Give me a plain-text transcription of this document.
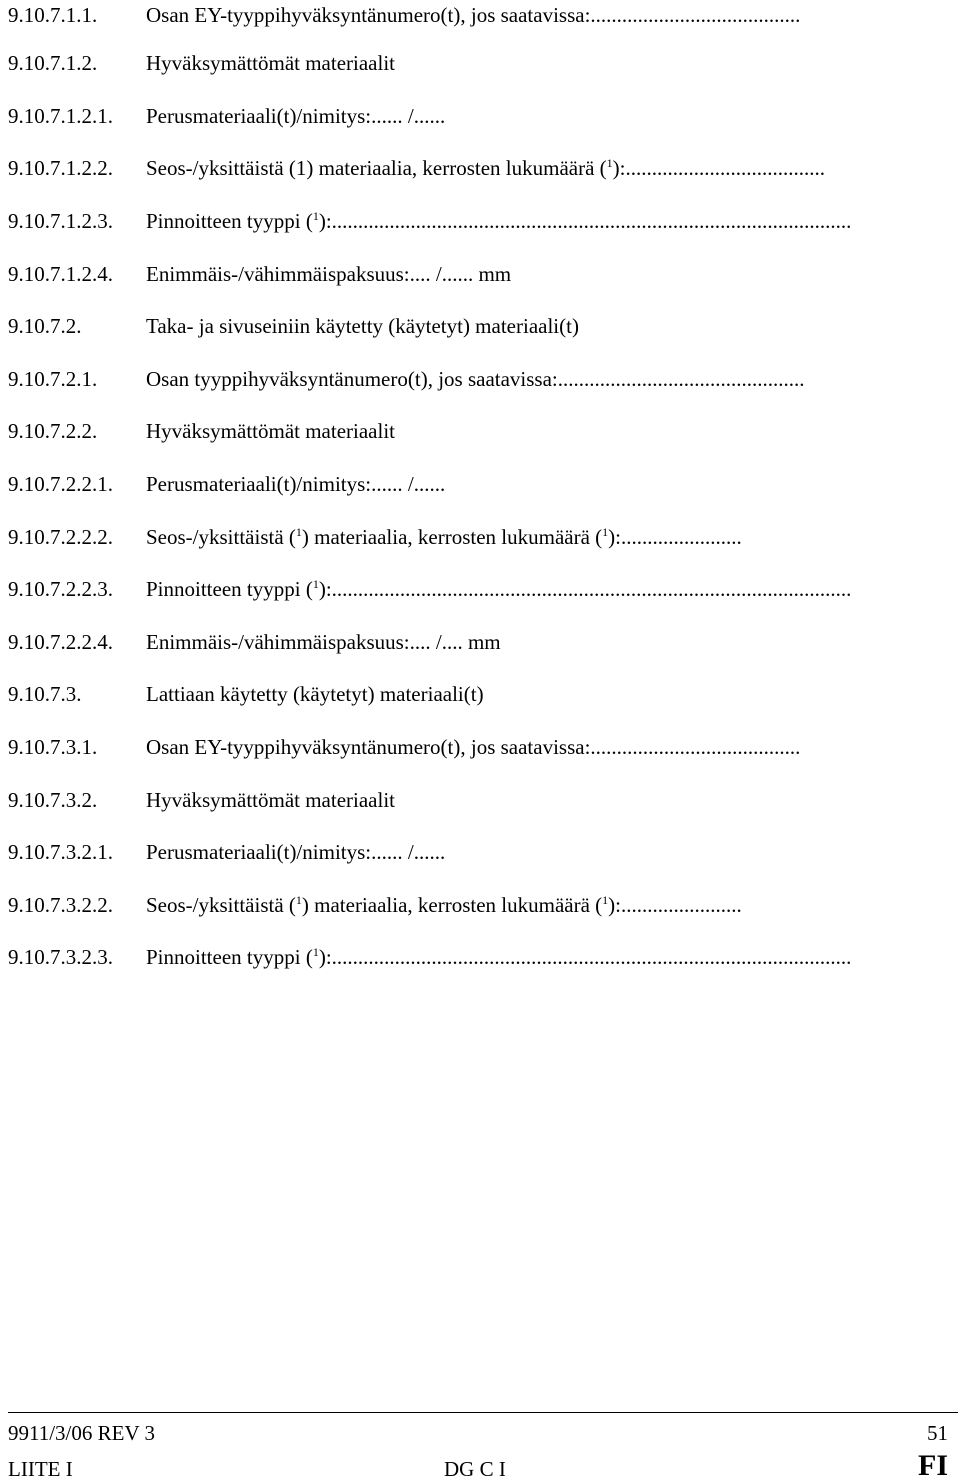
9.10.7.1.1. Osan EY-tyyppihyväksyntänumero(t), jos saatavissa:........................................
9.10.7.1.2. Hyväksymättömät materiaalit
9.10.7.1.2.1. Perusmateriaali(t)/nimitys:...... /......
9.10.7.1.2.2. Seos-/yksittäistä (1) materiaalia, kerrosten lukumäärä ($^1$):......................................
9.10.7.1.2.3. Pinnoitteen tyyppi ($^1$):...................................................................................................
9.10.7.1.2.4. Enimmäis-/vähimmäispaksuus:.... /...... mm
9.10.7.2.	Taka- ja sivuseiniin käytetty (käytetyt) materiaali(t)
9.10.7.2.1. Osan tyyppihyväksyntänumero(t), jos saatavissa:...............................................
9.10.7.2.2. Hyväksymättömät materiaalit
9.10.7.2.2.1. Perusmateriaali(t)/nimitys:...... /......
9.10.7.2.2.2. Seos-/yksittäistä ($^1$) materiaalia, kerrosten lukumäärä ($^1$):.......................
9.10.7.2.2.3. Pinnoitteen tyyppi ($^1$):...................................................................................................
9.10.7.2.2.4. Enimmäis-/vähimmäispaksuus:.... /.... mm
9.10.7.3.	Lattiaan käytetty (käytetyt) materiaali(t)
9.10.7.3.1. Osan EY-tyyppihyväksyntänumero(t), jos saatavissa:........................................
9.10.7.3.2. Hyväksymättömät materiaalit
9.10.7.3.2.1. Perusmateriaali(t)/nimitys:...... /......
9.10.7.3.2.2. Seos-/yksittäistä ($^1$) materiaalia, kerrosten lukumäärä ($^1$):.......................
9.10.7.3.2.3. Pinnoitteen tyyppi ($^1$):...................................................................................................
9911/3/06 REV 3	51
LIITE I	DG C I	FI
